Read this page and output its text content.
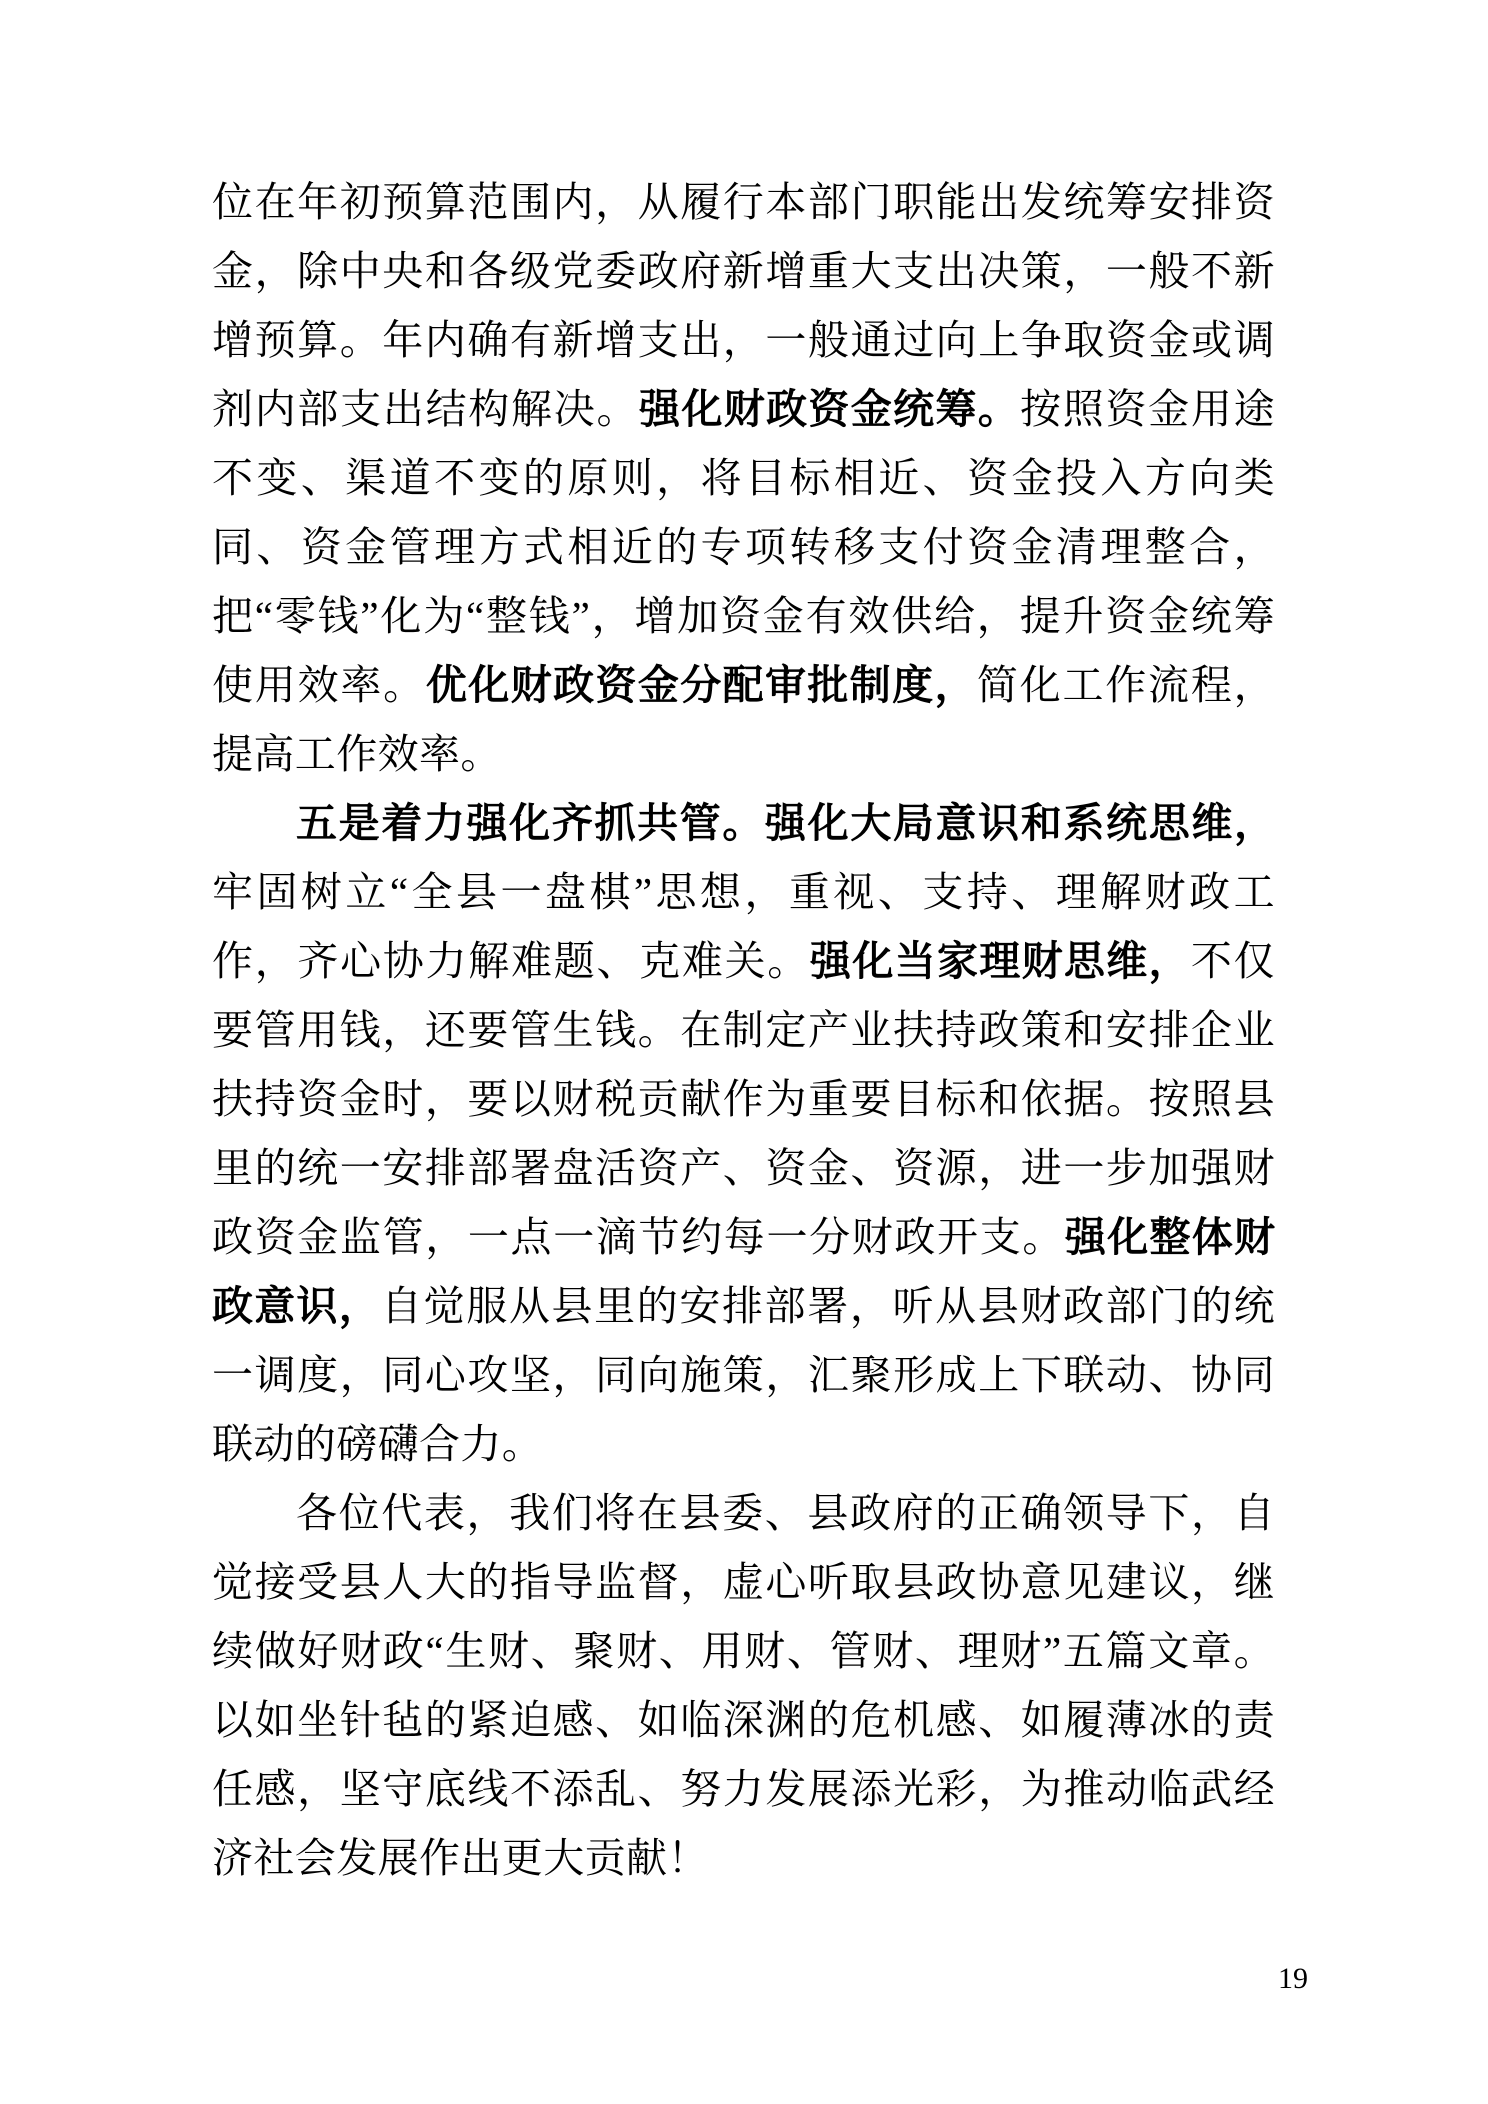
位在年初预算范围内，从履行本部门职能出发统筹安排资金，除中央和各级党委政府新增重大支出决策，一般不新增预算。年内确有新增支出，一般通过向上争取资金或调剂内部支出结构解决。强化财政资金统筹。按照资金用途不变、渠道不变的原则，将目标相近、资金投入方向类同、资金管理方式相近的专项转移支付资金清理整合，把“零钱”化为“整钱”，增加资金有效供给，提升资金统筹使用效率。优化财政资金分配审批制度，简化工作流程，提高工作效率。

五是着力强化齐抓共管。强化大局意识和系统思维，牢固树立“全县一盘棋”思想，重视、支持、理解财政工作，齐心协力解难题、克难关。强化当家理财思维，不仅要管用钱，还要管生钱。在制定产业扶持政策和安排企业扶持资金时，要以财税贡献作为重要目标和依据。按照县里的统一安排部署盘活资产、资金、资源，进一步加强财政资金监管，一点一滴节约每一分财政开支。强化整体财政意识，自觉服从县里的安排部署，听从县财政部门的统一调度，同心攻坚，同向施策，汇聚形成上下联动、协同联动的磅礴合力。

各位代表，我们将在县委、县政府的正确领导下，自觉接受县人大的指导监督，虚心听取县政协意见建议，继续做好财政“生财、聚财、用财、管财、理财”五篇文章。以如坐针毡的紧迫感、如临深渊的危机感、如履薄冰的责任感，坚守底线不添乱、努力发展添光彩，为推动临武经济社会发展作出更大贡献！

19
